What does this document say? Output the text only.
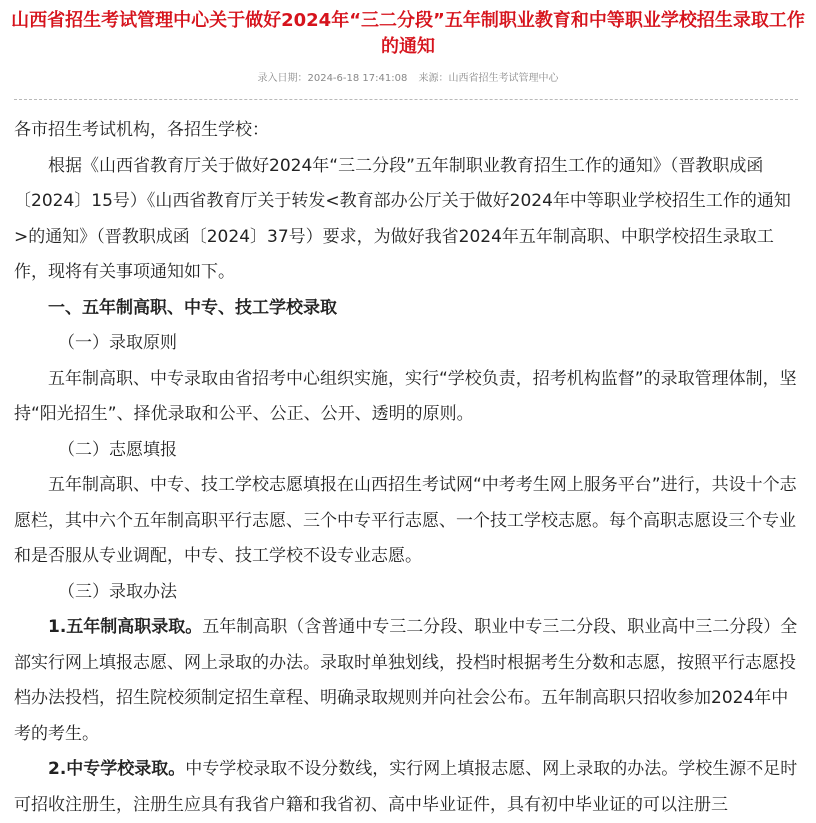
山西省招生考试管理中心关于做好2024年“三二分段”五年制职业教育和中等职业学校招生录取工作的通知
录入日期：2024-6-18 17:41:08 来源：山西省招生考试管理中心

各市招生考试机构，各招生学校：

根据《山西省教育厅关于做好2024年“三二分段”五年制职业教育招生工作的通知》（晋教职成函〔2024〕15号）《山西省教育厅关于转发<教育部办公厅关于做好2024年中等职业学校招生工作的通知>的通知》（晋教职成函〔2024〕37号）要求，为做好我省2024年五年制高职、中职学校招生录取工作，现将有关事项通知如下。

一、五年制高职、中专、技工学校录取

（一）录取原则

五年制高职、中专录取由省招考中心组织实施，实行“学校负责，招考机构监督”的录取管理体制，坚持“阳光招生”、择优录取和公平、公正、公开、透明的原则。

（二）志愿填报

五年制高职、中专、技工学校志愿填报在山西招生考试网“中考考生网上服务平台”进行，共设十个志愿栏，其中六个五年制高职平行志愿、三个中专平行志愿、一个技工学校志愿。每个高职志愿设三个专业和是否服从专业调配，中专、技工学校不设专业志愿。

（三）录取办法

1.五年制高职录取。五年制高职（含普通中专三二分段、职业中专三二分段、职业高中三二分段）全部实行网上填报志愿、网上录取的办法。录取时单独划线，投档时根据考生分数和志愿，按照平行志愿投档办法投档，招生院校须制定招生章程、明确录取规则并向社会公布。五年制高职只招收参加2024年中考的考生。

2.中专学校录取。中专学校录取不设分数线，实行网上填报志愿、网上录取的办法。学校生源不足时可招收注册生，注册生应具有我省户籍和我省初、高中毕业证件，具有初中毕业证的可以注册三
